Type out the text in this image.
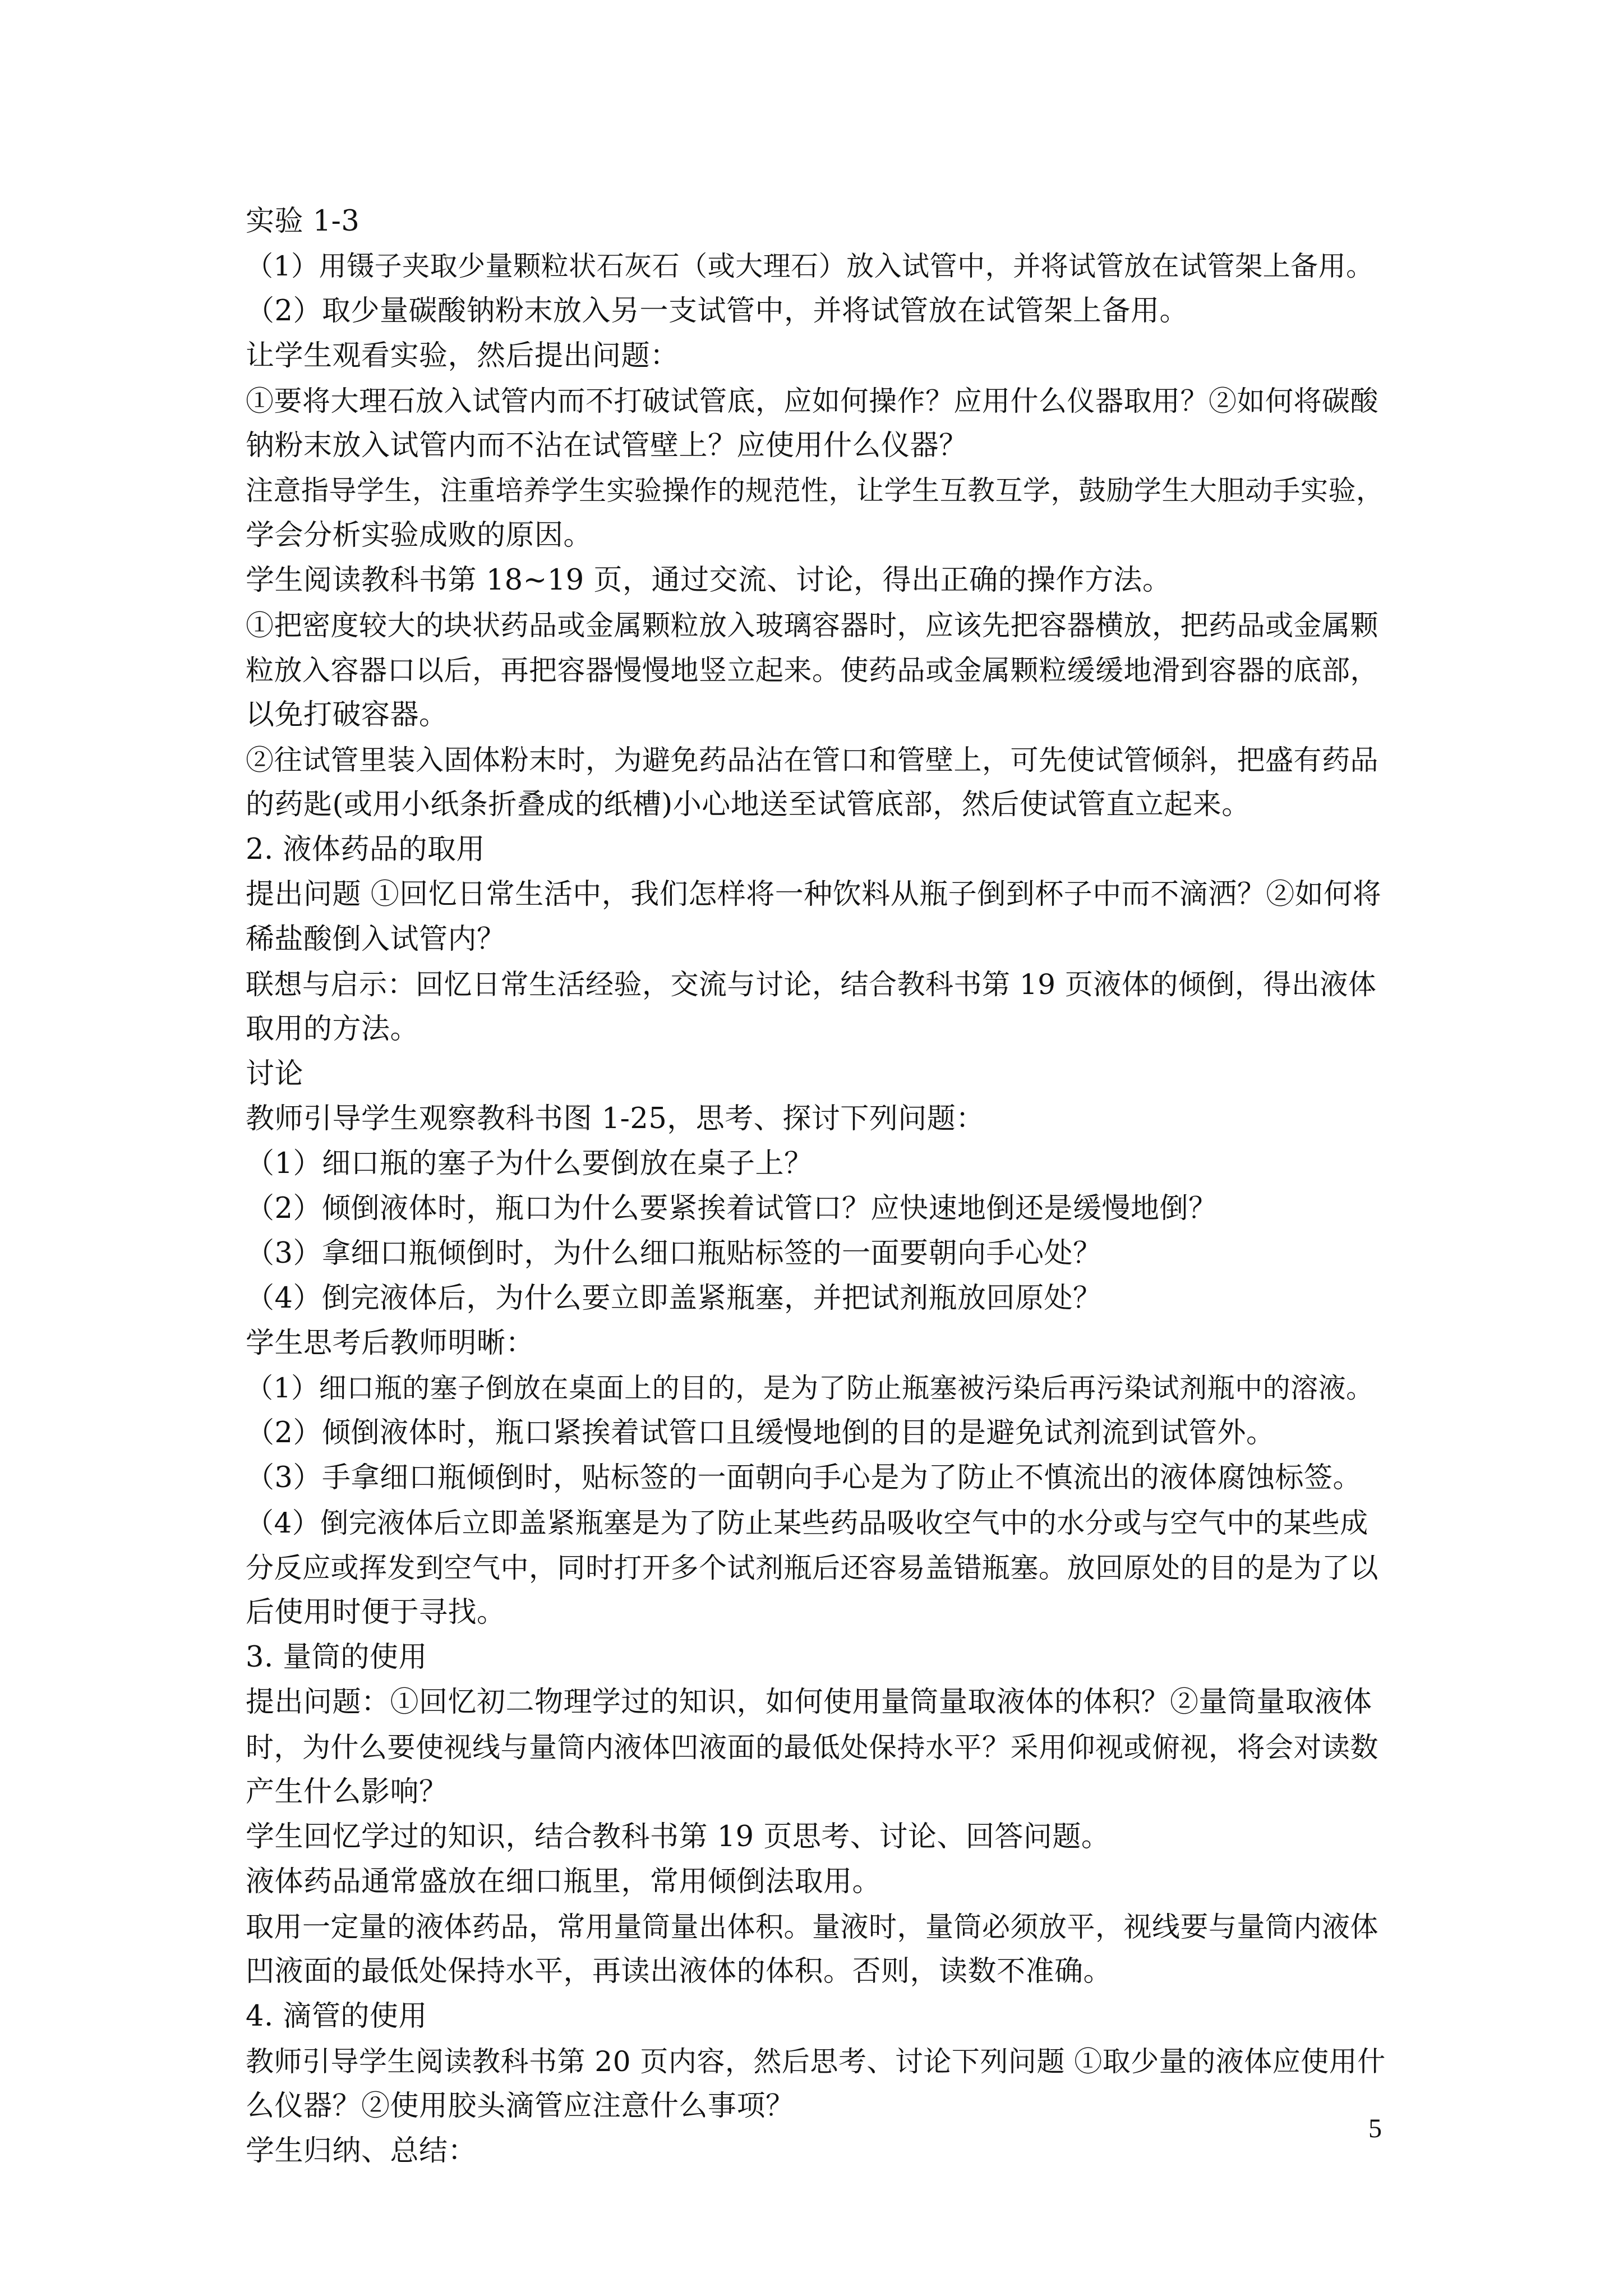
实验 1-3
（1）用镊子夹取少量颗粒状石灰石（或大理石）放入试管中，并将试管放在试管架上备用。
（2）取少量碳酸钠粉末放入另一支试管中，并将试管放在试管架上备用。
让学生观看实验，然后提出问题：
①要将大理石放入试管内而不打破试管底，应如何操作？应用什么仪器取用？②如何将碳酸
钠粉末放入试管内而不沾在试管壁上？应使用什么仪器？
注意指导学生，注重培养学生实验操作的规范性，让学生互教互学，鼓励学生大胆动手实验，
学会分析实验成败的原因。
学生阅读教科书第 18~19 页，通过交流、讨论，得出正确的操作方法。
①把密度较大的块状药品或金属颗粒放入玻璃容器时，应该先把容器横放，把药品或金属颗
粒放入容器口以后，再把容器慢慢地竖立起来。使药品或金属颗粒缓缓地滑到容器的底部，
以免打破容器。
②往试管里装入固体粉末时，为避免药品沾在管口和管壁上，可先使试管倾斜，把盛有药品
的药匙(或用小纸条折叠成的纸槽)小心地送至试管底部，然后使试管直立起来。
2. 液体药品的取用
提出问题 ①回忆日常生活中，我们怎样将一种饮料从瓶子倒到杯子中而不滴洒？②如何将
稀盐酸倒入试管内？
联想与启示：回忆日常生活经验，交流与讨论，结合教科书第 19 页液体的倾倒，得出液体
取用的方法。
讨论
教师引导学生观察教科书图 1-25，思考、探讨下列问题：
（1）细口瓶的塞子为什么要倒放在桌子上？
（2）倾倒液体时，瓶口为什么要紧挨着试管口？应快速地倒还是缓慢地倒？
（3）拿细口瓶倾倒时，为什么细口瓶贴标签的一面要朝向手心处？
（4）倒完液体后，为什么要立即盖紧瓶塞，并把试剂瓶放回原处？
学生思考后教师明晰：
（1）细口瓶的塞子倒放在桌面上的目的，是为了防止瓶塞被污染后再污染试剂瓶中的溶液。
（2）倾倒液体时，瓶口紧挨着试管口且缓慢地倒的目的是避免试剂流到试管外。
（3）手拿细口瓶倾倒时，贴标签的一面朝向手心是为了防止不慎流出的液体腐蚀标签。
（4）倒完液体后立即盖紧瓶塞是为了防止某些药品吸收空气中的水分或与空气中的某些成
分反应或挥发到空气中，同时打开多个试剂瓶后还容易盖错瓶塞。放回原处的目的是为了以
后使用时便于寻找。
3. 量筒的使用
提出问题：①回忆初二物理学过的知识，如何使用量筒量取液体的体积？②量筒量取液体
时，为什么要使视线与量筒内液体凹液面的最低处保持水平？采用仰视或俯视，将会对读数
产生什么影响？
学生回忆学过的知识，结合教科书第 19 页思考、讨论、回答问题。
液体药品通常盛放在细口瓶里，常用倾倒法取用。
取用一定量的液体药品，常用量筒量出体积。量液时，量筒必须放平，视线要与量筒内液体
凹液面的最低处保持水平，再读出液体的体积。否则，读数不准确。
4. 滴管的使用
教师引导学生阅读教科书第 20 页内容，然后思考、讨论下列问题 ①取少量的液体应使用什
么仪器？②使用胶头滴管应注意什么事项？
学生归纳、总结：
5
